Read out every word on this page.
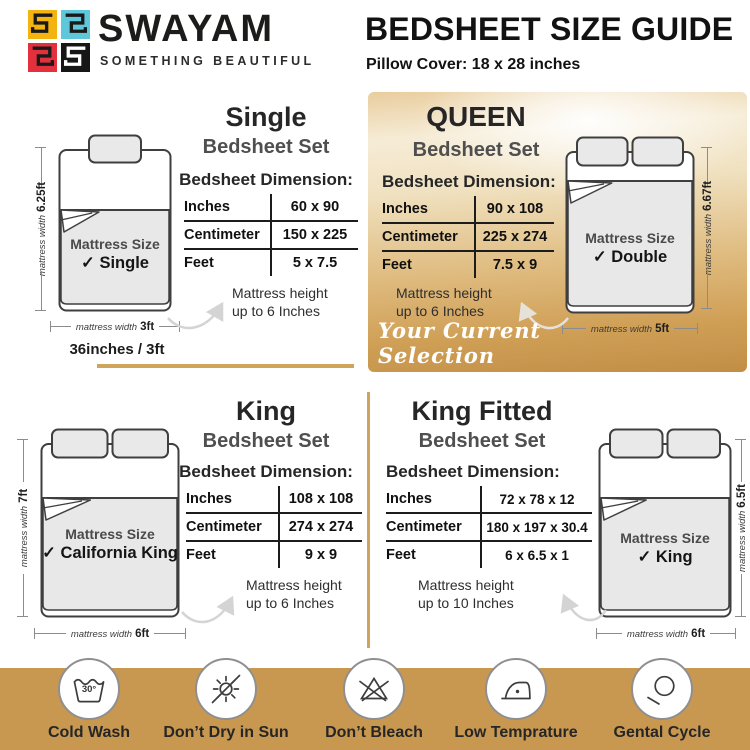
SWAYAM
SOMETHING BEAUTIFUL
BEDSHEET SIZE GUIDE
Pillow Cover: 18 x 28 inches
Single
Bedsheet Set
Bedsheet Dimension:
Inches	60 x 90
Centimeter	150 x 225
Feet	5 x 7.5
Mattress Size
✓ Single
mattress width6.25ft
mattress width 3ft
36inches / 3ft
Mattress height
up to 6 Inches
QUEEN
Bedsheet Set
Bedsheet Dimension:
Inches	90 x 108
Centimeter	225 x 274
Feet	7.5 x 9
Mattress Size
✓ Double	mattress width6.67ft
mattress width 5ft
Mattress height
up to 6 Inches
Your Current Selection
King
Bedsheet Set
Bedsheet Dimension:
Inches	108 x 108
Centimeter	274 x 274
Feet	9 x 9
Mattress Size
✓ California King
mattress width7ft
mattress width 6ft
Mattress height
up to 6 Inches
King Fitted
Bedsheet Set
Bedsheet Dimension:
Inches	72 x 78 x 12
Centimeter	180 x 197 x 30.4
Feet	6 x 6.5 x 1
Mattress Size
✓ King	mattress width6.5ft
mattress width 6ft
Mattress height
up to 10 Inches
30°
Cold Wash	Don’t Dry in Sun	Don’t Bleach	Low Temprature	Gental Cycle
